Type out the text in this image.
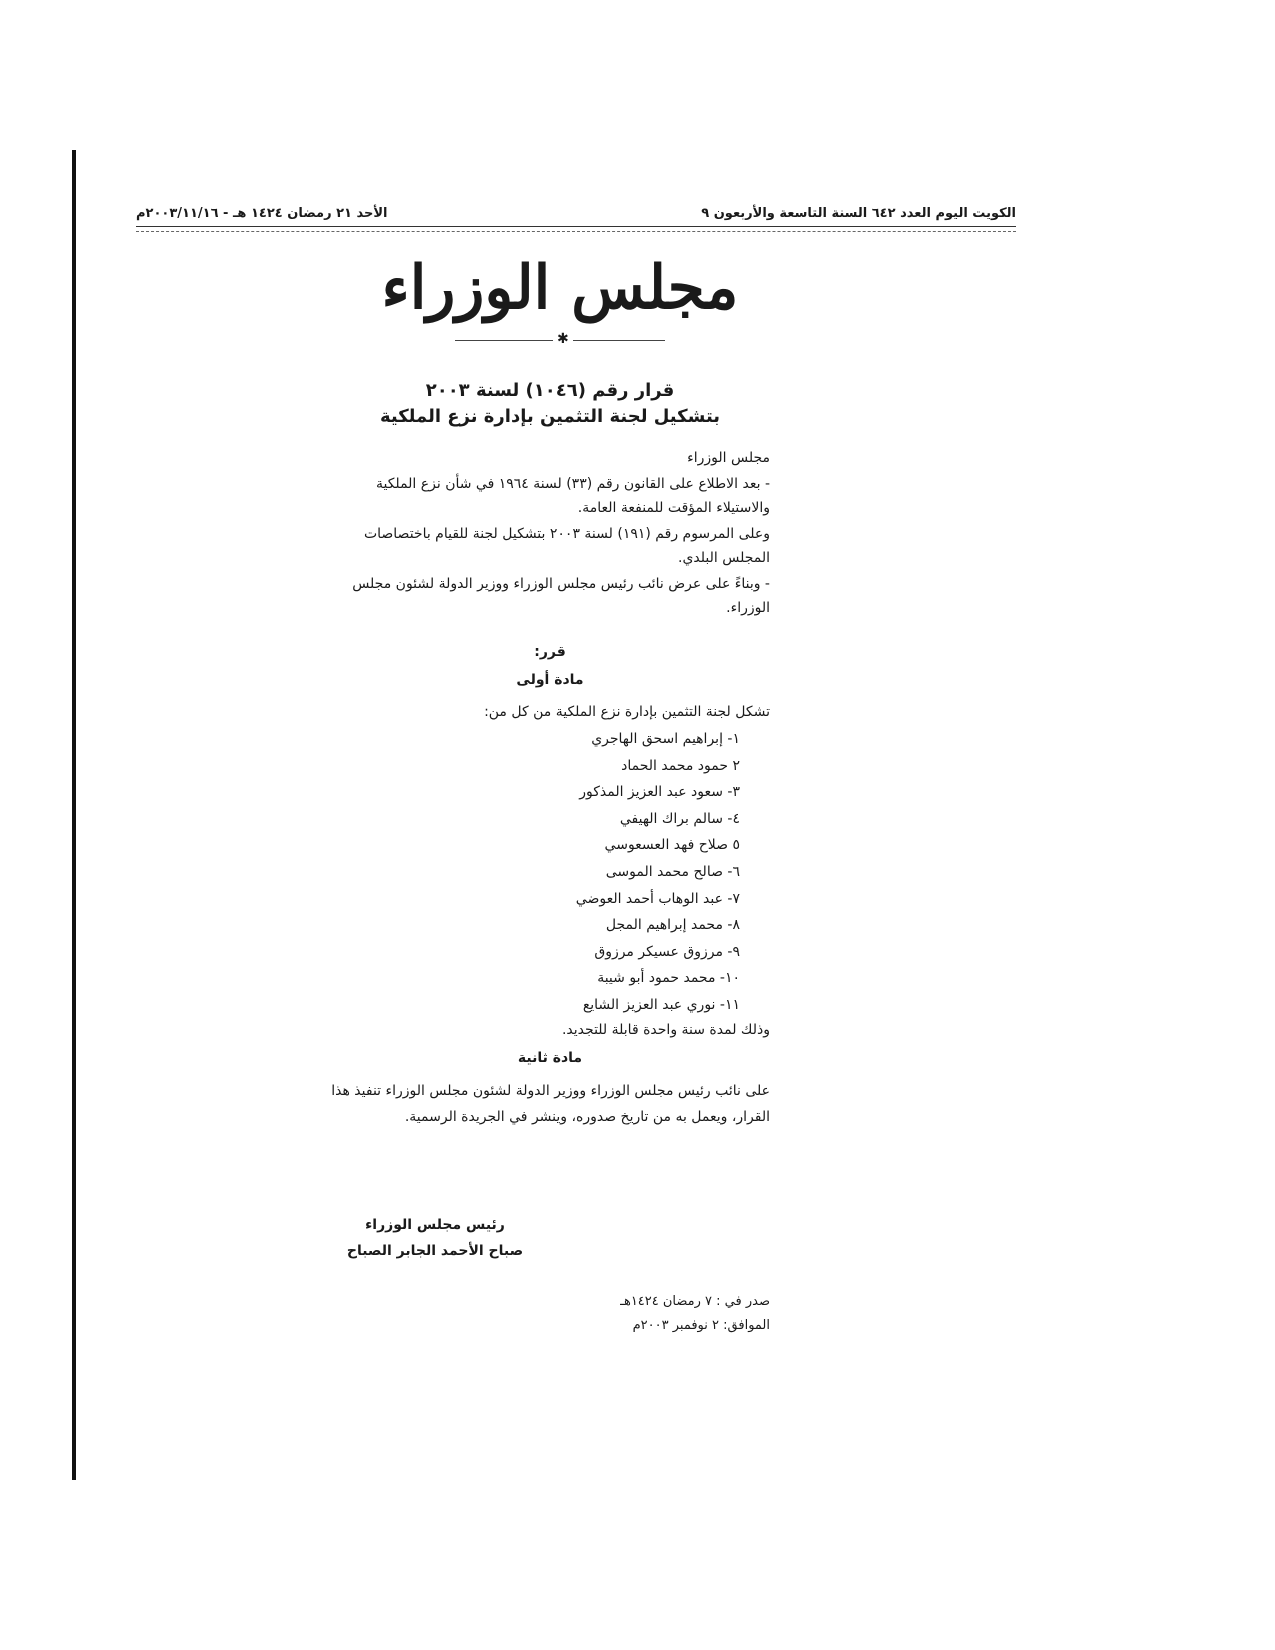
الكويت اليوم العدد ٦٤٢ السنة التاسعة والأربعون ٩
الأحد ٢١ رمضان ١٤٢٤ هـ - ٢٠٠٣/١١/١٦م
مجلس الوزراء
✱
قرار رقم (١٠٤٦) لسنة ٢٠٠٣
بتشكيل لجنة التثمين بإدارة نزع الملكية
مجلس الوزراء
- بعد الاطلاع على القانون رقم (٣٣) لسنة ١٩٦٤ في شأن نزع الملكية والاستيلاء المؤقت للمنفعة العامة.
وعلى المرسوم رقم (١٩١) لسنة ٢٠٠٣ بتشكيل لجنة للقيام باختصاصات المجلس البلدي.
- وبناءً على عرض نائب رئيس مجلس الوزراء ووزير الدولة لشئون مجلس الوزراء.
قرر:
مادة أولى
تشكل لجنة التثمين بإدارة نزع الملكية من كل من:
١- إبراهيم اسحق الهاجري
٢ حمود محمد الحماد
٣- سعود عبد العزيز المذكور
٤- سالم براك الهيفي
٥ صلاح فهد العسعوسي
٦- صالح محمد الموسى
٧- عبد الوهاب أحمد العوضي
٨- محمد إبراهيم المجل
٩- مرزوق عسيكر مرزوق
١٠- محمد حمود أبو شيبة
١١- نوري عبد العزيز الشايع
وذلك لمدة سنة واحدة قابلة للتجديد.
مادة ثانية
على نائب رئيس مجلس الوزراء ووزير الدولة لشئون مجلس الوزراء تنفيذ هذا القرار، ويعمل به من تاريخ صدوره، وينشر في الجريدة الرسمية.
رئيس مجلس الوزراء
صباح الأحمد الجابر الصباح
صدر في : ٧ رمضان ١٤٢٤هـ
الموافق: ٢ نوفمبر ٢٠٠٣م
